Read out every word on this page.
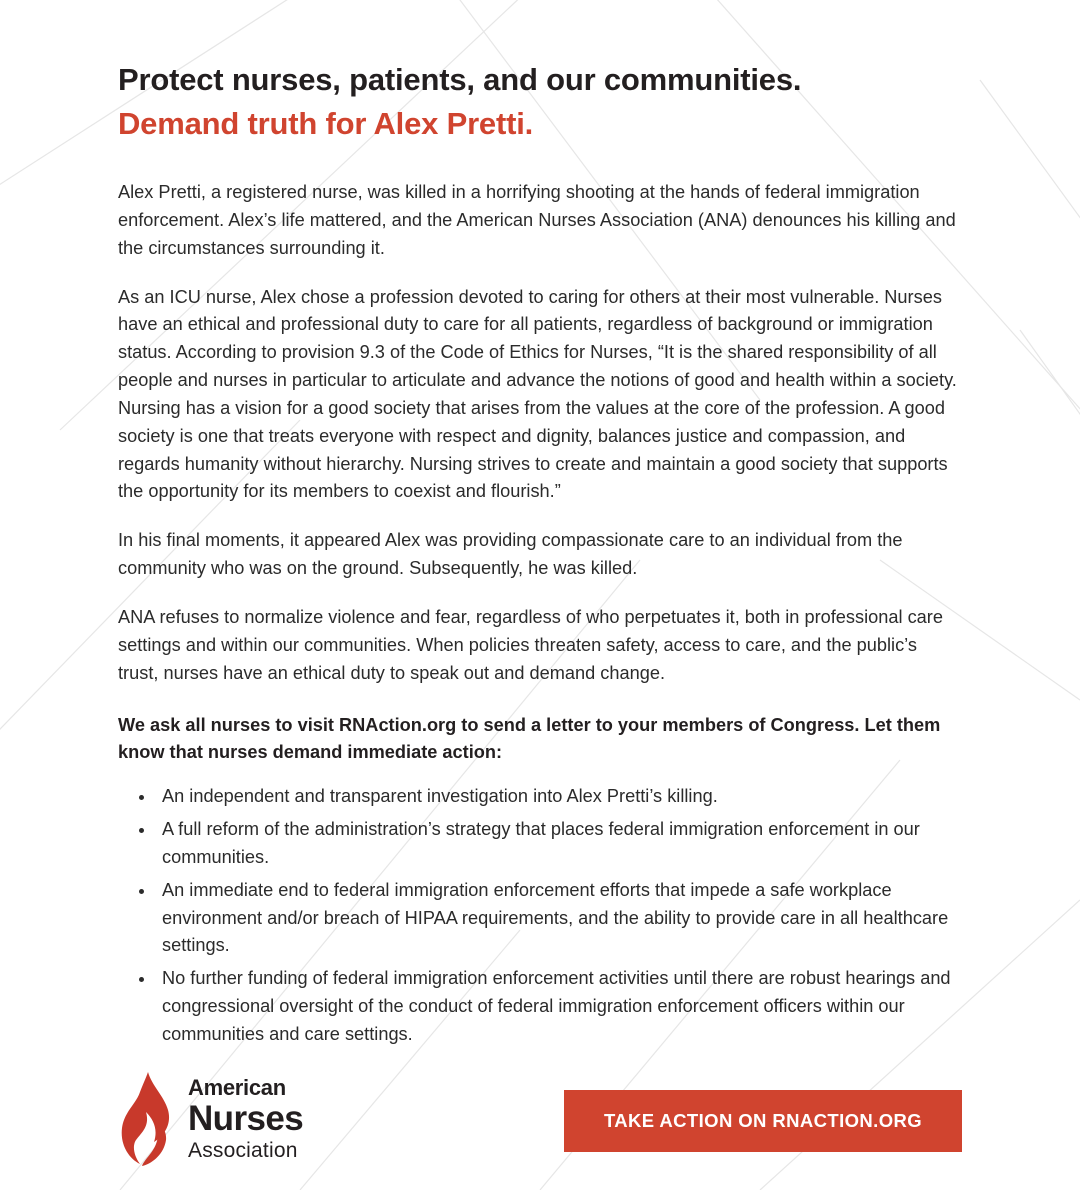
Protect nurses, patients, and our communities.
Demand truth for Alex Pretti.

Alex Pretti, a registered nurse, was killed in a horrifying shooting at the hands of federal immigration enforcement. Alex’s life mattered, and the American Nurses Association (ANA) denounces his killing and the circumstances surrounding it.

As an ICU nurse, Alex chose a profession devoted to caring for others at their most vulnerable. Nurses have an ethical and professional duty to care for all patients, regardless of background or immigration status. According to provision 9.3 of the Code of Ethics for Nurses, “It is the shared responsibility of all people and nurses in particular to articulate and advance the notions of good and health within a society. Nursing has a vision for a good society that arises from the values at the core of the profession. A good society is one that treats everyone with respect and dignity, balances justice and compassion, and regards humanity without hierarchy. Nursing strives to create and maintain a good society that supports the opportunity for its members to coexist and flourish.”

In his final moments, it appeared Alex was providing compassionate care to an individual from the community who was on the ground. Subsequently, he was killed.

ANA refuses to normalize violence and fear, regardless of who perpetuates it, both in professional care settings and within our communities. When policies threaten safety, access to care, and the public’s trust, nurses have an ethical duty to speak out and demand change.

We ask all nurses to visit RNAction.org to send a letter to your members of Congress. Let them know that nurses demand immediate action:

• An independent and transparent investigation into Alex Pretti’s killing.
• A full reform of the administration’s strategy that places federal immigration enforcement in our communities.
• An immediate end to federal immigration enforcement efforts that impede a safe workplace environment and/or breach of HIPAA requirements, and the ability to provide care in all healthcare settings.
• No further funding of federal immigration enforcement activities until there are robust hearings and congressional oversight of the conduct of federal immigration enforcement officers within our communities and care settings.
American
Nurses
Association
TAKE ACTION ON RNACTION.ORG
